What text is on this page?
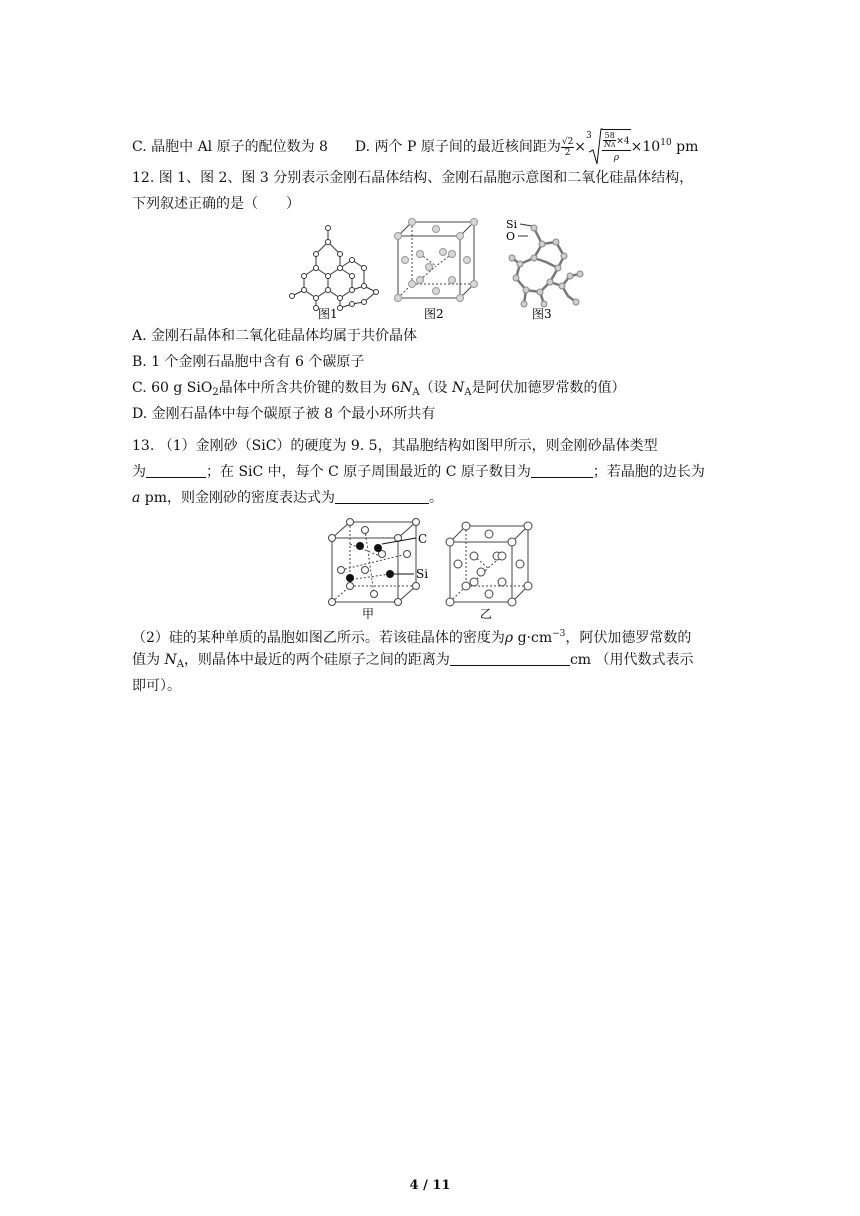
C. 晶胞中 Al 原子的配位数为 8 D. 两个 P 原子间的最近核间距为 $\frac{√2}{2}$ ×
$3 \frac{\frac{58}{NA} \times 4}{\rho} \times 10^{10}$ pm
12. 图 1、图 2、图 3 分别表示金刚石晶体结构、金刚石晶胞示意图和二氧化硅晶体结构，
下列叙述正确的是（　　）
图1	图2
Si
O
图3
A. 金刚石晶体和二氧化硅晶体均属于共价晶体
B. 1 个金刚石晶胞中含有 6 个碳原子
C. 60 g SiO$_2$晶体中所含共价键的数目为 $6N_A$（设 $N_A$是阿伏加德罗常数的值）
D. 金刚石晶体中每个碳原子被 8 个最小环所共有
13. （1）金刚砂（SiC）的硬度为 9. 5，其晶胞结构如图甲所示，则金刚砂晶体类型
为	；在 SiC 中，每个 C 原子周围最近的 C 原子数目为	；若晶胞的边长为
a pm，则金刚砂的密度表达式为	。
C
Si
甲	乙
（2）硅的某种单质的晶胞如图乙所示。若该硅晶体的密度为ρ $g\cdot cm^{-3}$，阿伏加德罗常数的
值为 $N_A$，则晶体中最近的两个硅原子之间的距离为	cm （用代数式表示
即可）。
4 / 11
